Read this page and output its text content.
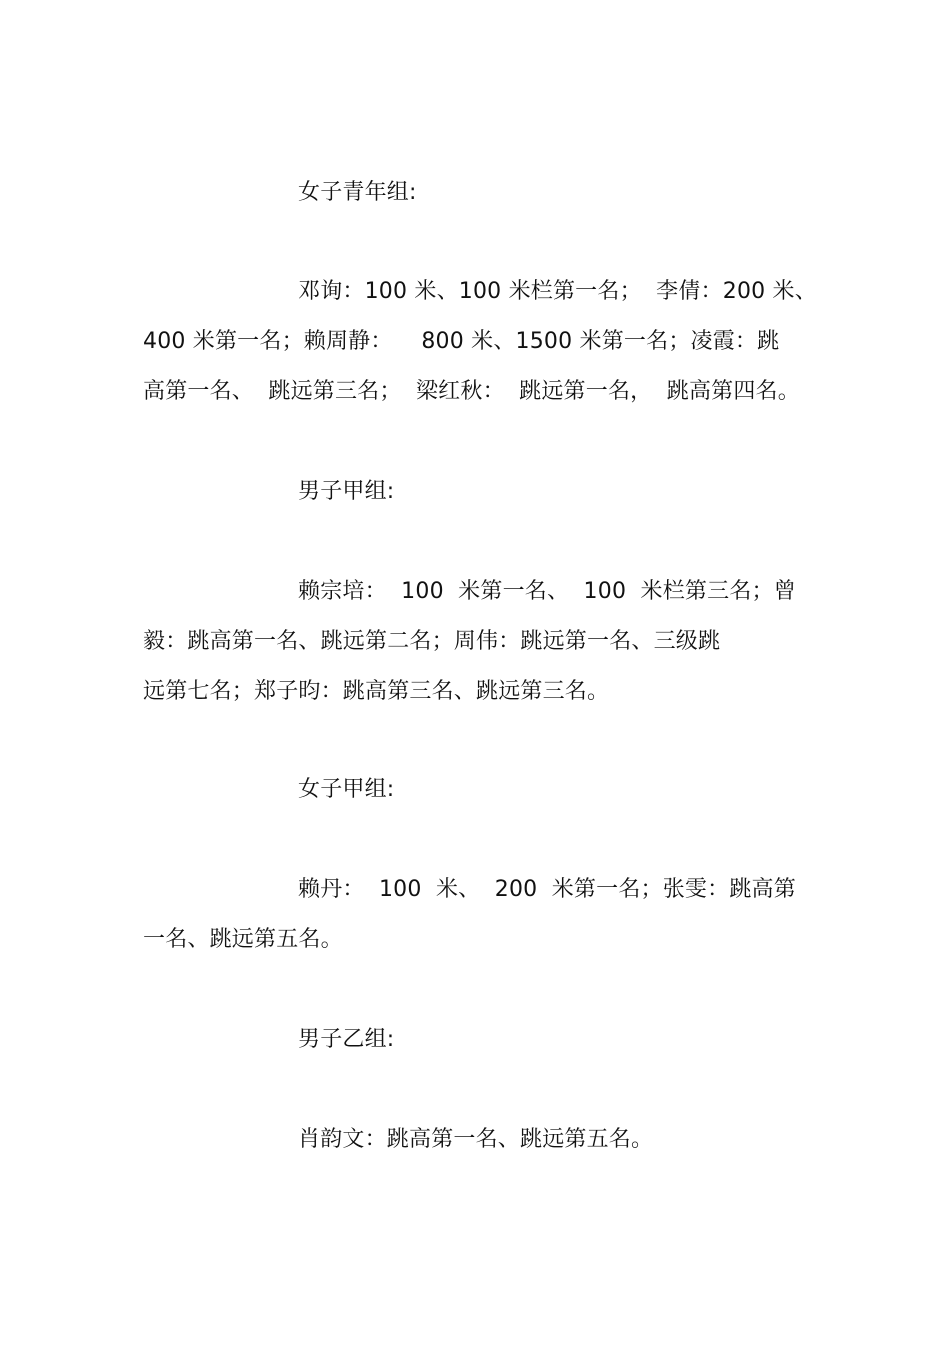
女子青年组:
邓询：100 米、100 米栏第一名；  李倩：200 米、
400 米第一名；赖周静：    800 米、1500 米第一名；凌霞：跳
高第一名、  跳远第三名；  梁红秋：  跳远第一名，  跳高第四名。
男子甲组:
赖宗培：  100  米第一名、  100  米栏第三名；曾
毅：跳高第一名、跳远第二名；周伟：跳远第一名、三级跳
远第七名；郑子昀：跳高第三名、跳远第三名。
女子甲组:
赖丹：  100  米、  200  米第一名；张雯：跳高第
一名、跳远第五名。
男子乙组:
肖韵文：跳高第一名、跳远第五名。
